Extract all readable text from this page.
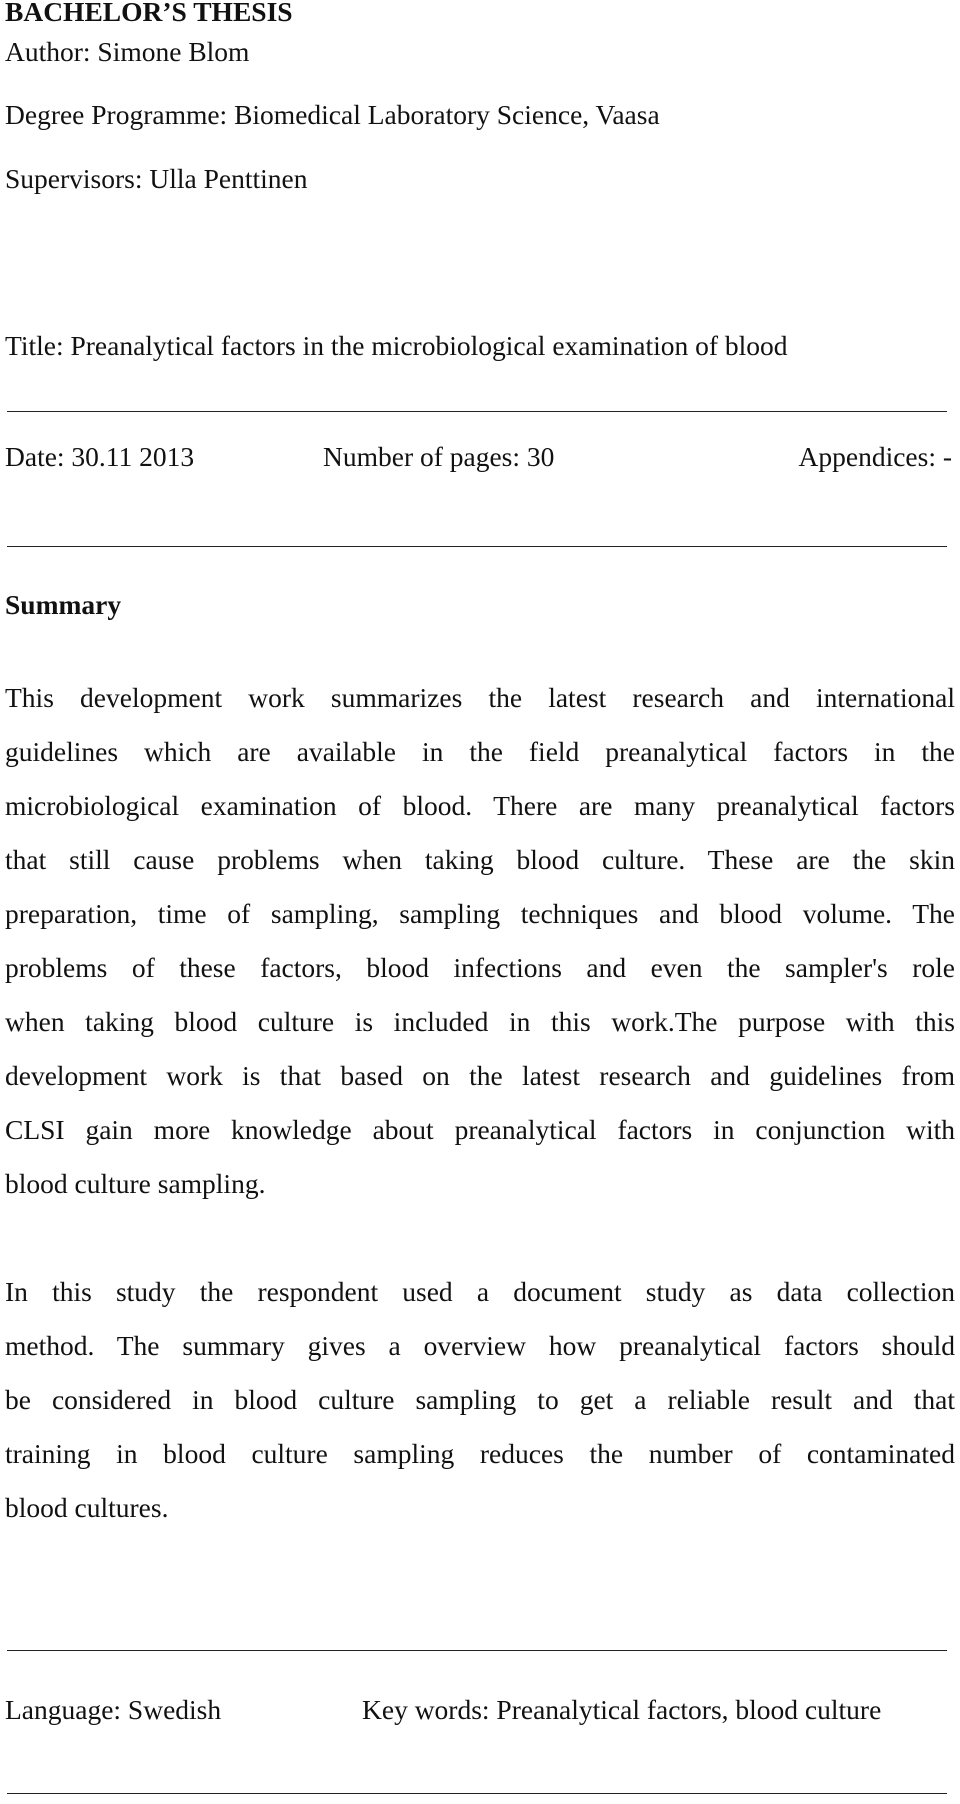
BACHELOR’S THESIS
Author: Simone Blom
Degree Programme: Biomedical Laboratory Science, Vaasa
Supervisors: Ulla Penttinen
Title: Preanalytical factors in the microbiological examination of blood
Date: 30.11 2013	Number of pages: 30	Appendices: -
Summary
This development work summarizes the latest research and international
guidelines which are available in the field preanalytical factors in the
microbiological examination of blood. There are many preanalytical factors
that still cause problems when taking blood culture. These are the skin
preparation, time of sampling, sampling techniques and blood volume. The
problems of these factors, blood infections and even the sampler's role
when taking blood culture is included in this work.The purpose with this
development work is that based on the latest research and guidelines from
CLSI gain more knowledge about preanalytical factors in conjunction with
blood culture sampling.
In this study the respondent used a document study as data collection
method. The summary gives a overview how preanalytical factors should
be considered in blood culture sampling to get a reliable result and that
training in blood culture sampling reduces the number of contaminated
blood cultures.
Language: Swedish	Key words: Preanalytical factors, blood culture
